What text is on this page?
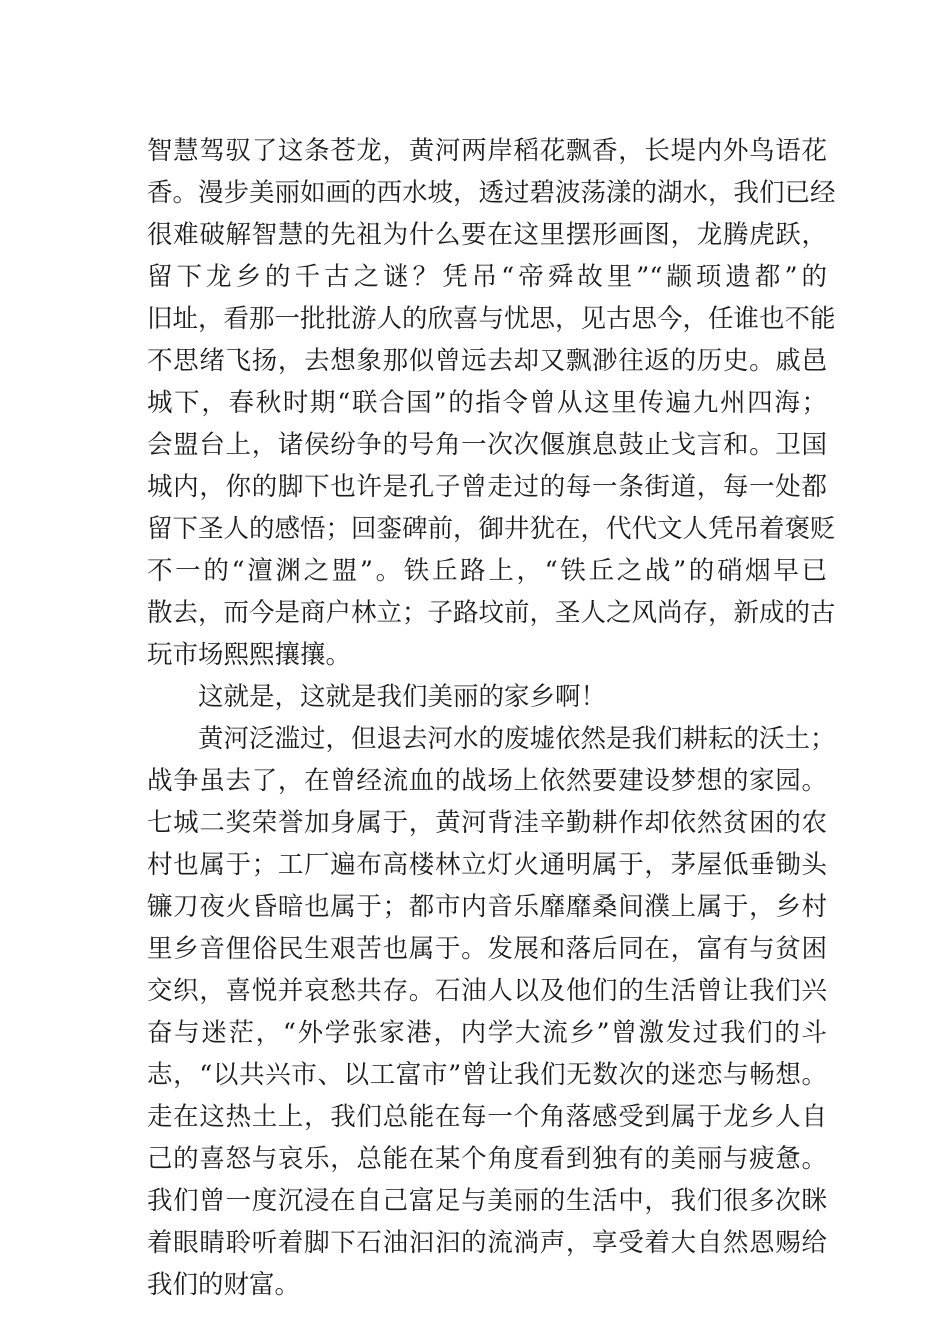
智慧驾驭了这条苍龙，黄河两岸稻花飘香，长堤内外鸟语花
香。漫步美丽如画的西水坡，透过碧波荡漾的湖水，我们已经
很难破解智慧的先祖为什么要在这里摆形画图，龙腾虎跃，
留下龙乡的千古之谜？凭吊“帝舜故里”“颛顼遗都”的
旧址，看那一批批游人的欣喜与忧思，见古思今，任谁也不能
不思绪飞扬，去想象那似曾远去却又飘渺往返的历史。戚邑
城下，春秋时期“联合国”的指令曾从这里传遍九州四海；
会盟台上，诸侯纷争的号角一次次偃旗息鼓止戈言和。卫国
城内，你的脚下也许是孔子曾走过的每一条街道，每一处都
留下圣人的感悟；回銮碑前，御井犹在，代代文人凭吊着褒贬
不一的“澶渊之盟”。铁丘路上，“铁丘之战”的硝烟早已
散去，而今是商户林立；子路坟前，圣人之风尚存，新成的古
玩市场熙熙攘攘。
这就是，这就是我们美丽的家乡啊！
黄河泛滥过，但退去河水的废墟依然是我们耕耘的沃土；
战争虽去了，在曾经流血的战场上依然要建设梦想的家园。
七城二奖荣誉加身属于，黄河背洼辛勤耕作却依然贫困的农
村也属于；工厂遍布高楼林立灯火通明属于，茅屋低垂锄头
镰刀夜火昏暗也属于；都市内音乐靡靡桑间濮上属于，乡村
里乡音俚俗民生艰苦也属于。发展和落后同在，富有与贫困
交织，喜悦并哀愁共存。石油人以及他们的生活曾让我们兴
奋与迷茫，“外学张家港，内学大流乡”曾激发过我们的斗
志，“以共兴市、以工富市”曾让我们无数次的迷恋与畅想。
走在这热土上，我们总能在每一个角落感受到属于龙乡人自
己的喜怒与哀乐，总能在某个角度看到独有的美丽与疲惫。
我们曾一度沉浸在自己富足与美丽的生活中，我们很多次眯
着眼睛聆听着脚下石油汩汩的流淌声，享受着大自然恩赐给
我们的财富。
